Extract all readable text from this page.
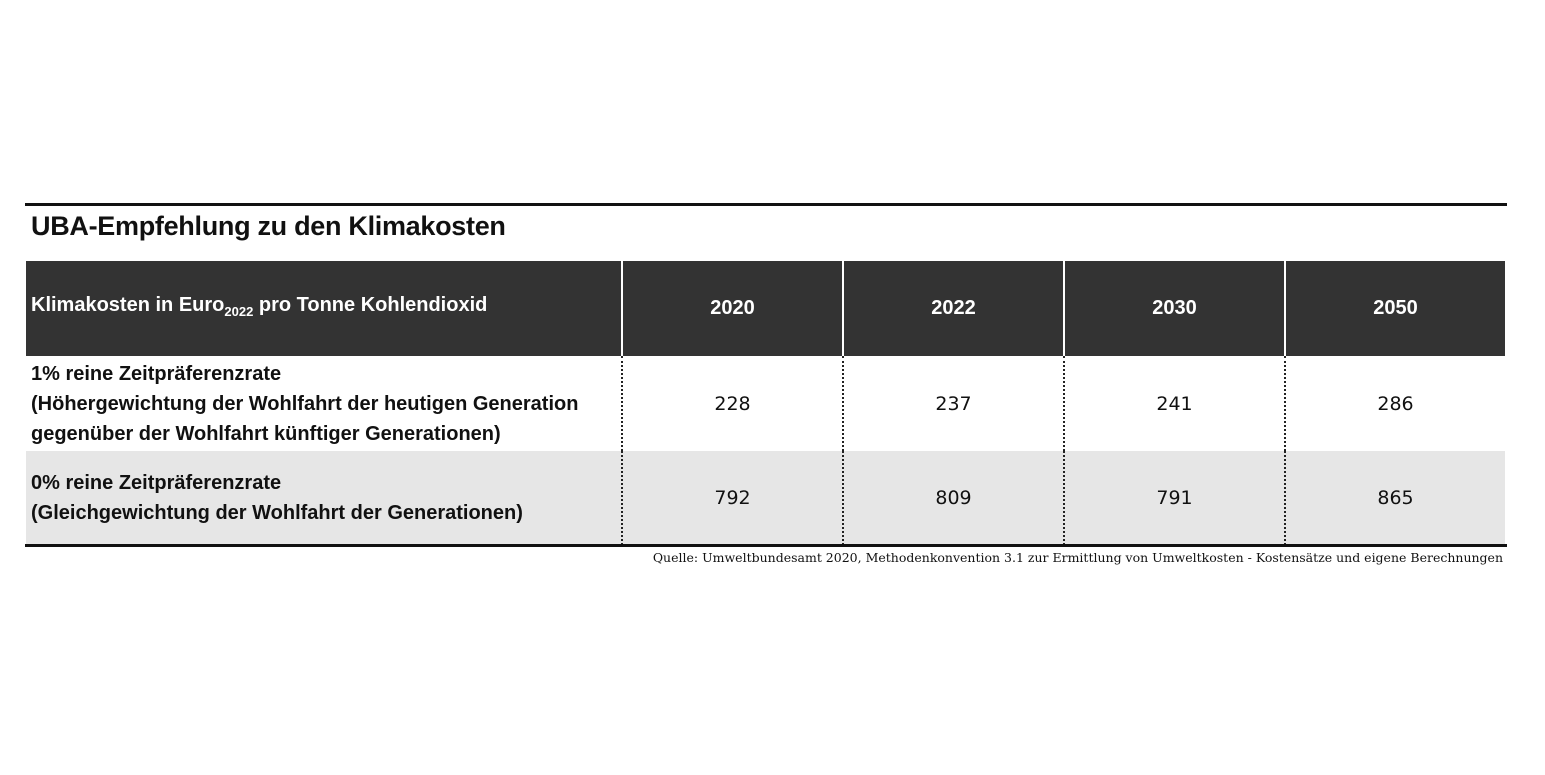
UBA-Empfehlung zu den Klimakosten
Klimakosten in Euro$_{2022}$ pro Tonne Kohlendioxid	2020	2022	2030	2050
1% reine Zeitpräferenzrate
(Höhergewichtung der Wohlfahrt der heutigen Generation
gegenüber der Wohlfahrt künftiger Generationen)
228	237	241	286
0% reine Zeitpräferenzrate
(Gleichgewichtung der Wohlfahrt der Generationen)
792	809	791	865
Quelle: Umweltbundesamt 2020, Methodenkonvention 3.1 zur Ermittlung von Umweltkosten - Kostensätze und eigene Berechnungen
